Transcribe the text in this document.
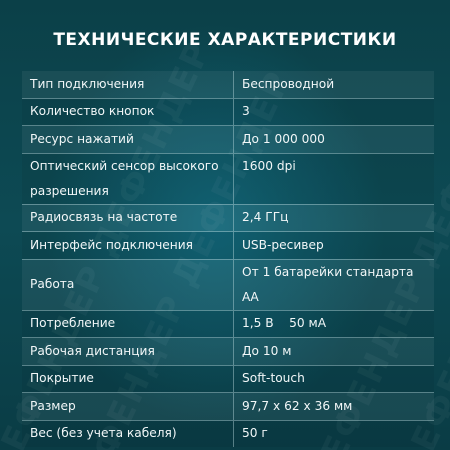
ТЕХНИЧЕСКИЕ ХАРАКТЕРИСТИКИ
Тип подключения	Беспроводной
Количество кнопок	3
Ресурс нажатий	До 1 000 000
Оптический сенсор высокого разрешения	1600 dpi
Радиосвязь на частоте	2,4 ГГц
Интерфейс подключения	USB-ресивер
Работа	От 1 батарейки стандарта АА
Потребление	1,5 В    50 мА
Рабочая дистанция	До 10 м
Покрытие	Soft-touch
Размер	97,7 х 62 х 36 мм
Вес (без учета кабеля)	50 г
